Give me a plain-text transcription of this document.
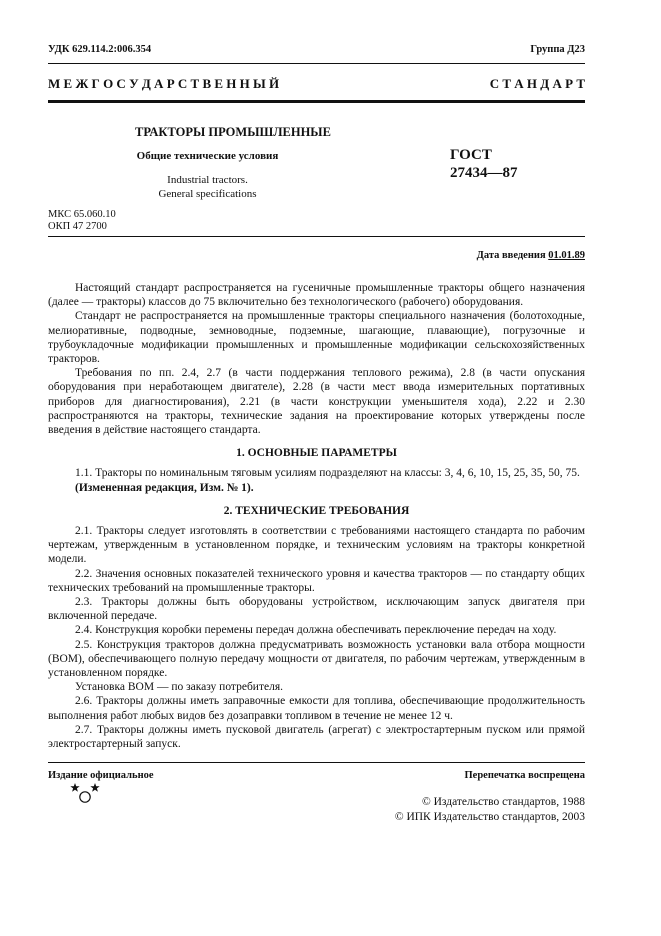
УДК 629.114.2:006.354	Группа Д23
М Е Ж Г О С У Д А Р С Т В Е Н Н Ы Й	С Т А Н Д А Р Т
ТРАКТОРЫ ПРОМЫШЛЕННЫЕ
Общие технические условия
Industrial tractors.
General specifications
ГОСТ
27434—87
МКС 65.060.10
ОКП 47 2700
Дата введения 01.01.89

Настоящий стандарт распространяется на гусеничные промышленные тракторы общего назначения (далее — тракторы) классов до 75 включительно без технологического (рабочего) оборудования.

Стандарт не распространяется на промышленные тракторы специального назначения (болотоходные, мелиоративные, подводные, земноводные, подземные, шагающие, плавающие), погрузочные и трубоукладочные модификации промышленных и промышленные модификации сельскохозяйственных тракторов.

Требования по пп. 2.4, 2.7 (в части поддержания теплового режима), 2.8 (в части опускания оборудования при неработающем двигателе), 2.28 (в части мест ввода измерительных портативных приборов для диагностирования), 2.21 (в части конструкции уменьшителя хода), 2.22 и 2.30 распространяются на тракторы, технические задания на проектирование которых утверждены после введения в действие настоящего стандарта.

1. ОСНОВНЫЕ ПАРАМЕТРЫ

1.1. Тракторы по номинальным тяговым усилиям подразделяют на классы: 3, 4, 6, 10, 15, 25, 35, 50, 75.

(Измененная редакция, Изм. № 1).

2. ТЕХНИЧЕСКИЕ ТРЕБОВАНИЯ

2.1. Тракторы следует изготовлять в соответствии с требованиями настоящего стандарта по рабочим чертежам, утвержденным в установленном порядке, и техническим условиям на тракторы конкретной модели.

2.2. Значения основных показателей технического уровня и качества тракторов — по стандарту общих технических требований на промышленные тракторы.

2.3. Тракторы должны быть оборудованы устройством, исключающим запуск двигателя при включенной передаче.

2.4. Конструкция коробки перемены передач должна обеспечивать переключение передач на ходу.

2.5. Конструкция тракторов должна предусматривать возможность установки вала отбора мощности (ВОМ), обеспечивающего полную передачу мощности от двигателя, по рабочим чертежам, утвержденным в установленном порядке.

Установка ВОМ — по заказу потребителя.

2.6. Тракторы должны иметь заправочные емкости для топлива, обеспечивающие продолжительность выполнения работ любых видов без дозаправки топливом в течение не менее 12 ч.

2.7. Тракторы должны иметь пусковой двигатель (агрегат) с электростартерным пуском или прямой электростартерный запуск.

Издание официальное	Перепечатка воспрещена
© Издательство стандартов, 1988
© ИПК Издательство стандартов, 2003
